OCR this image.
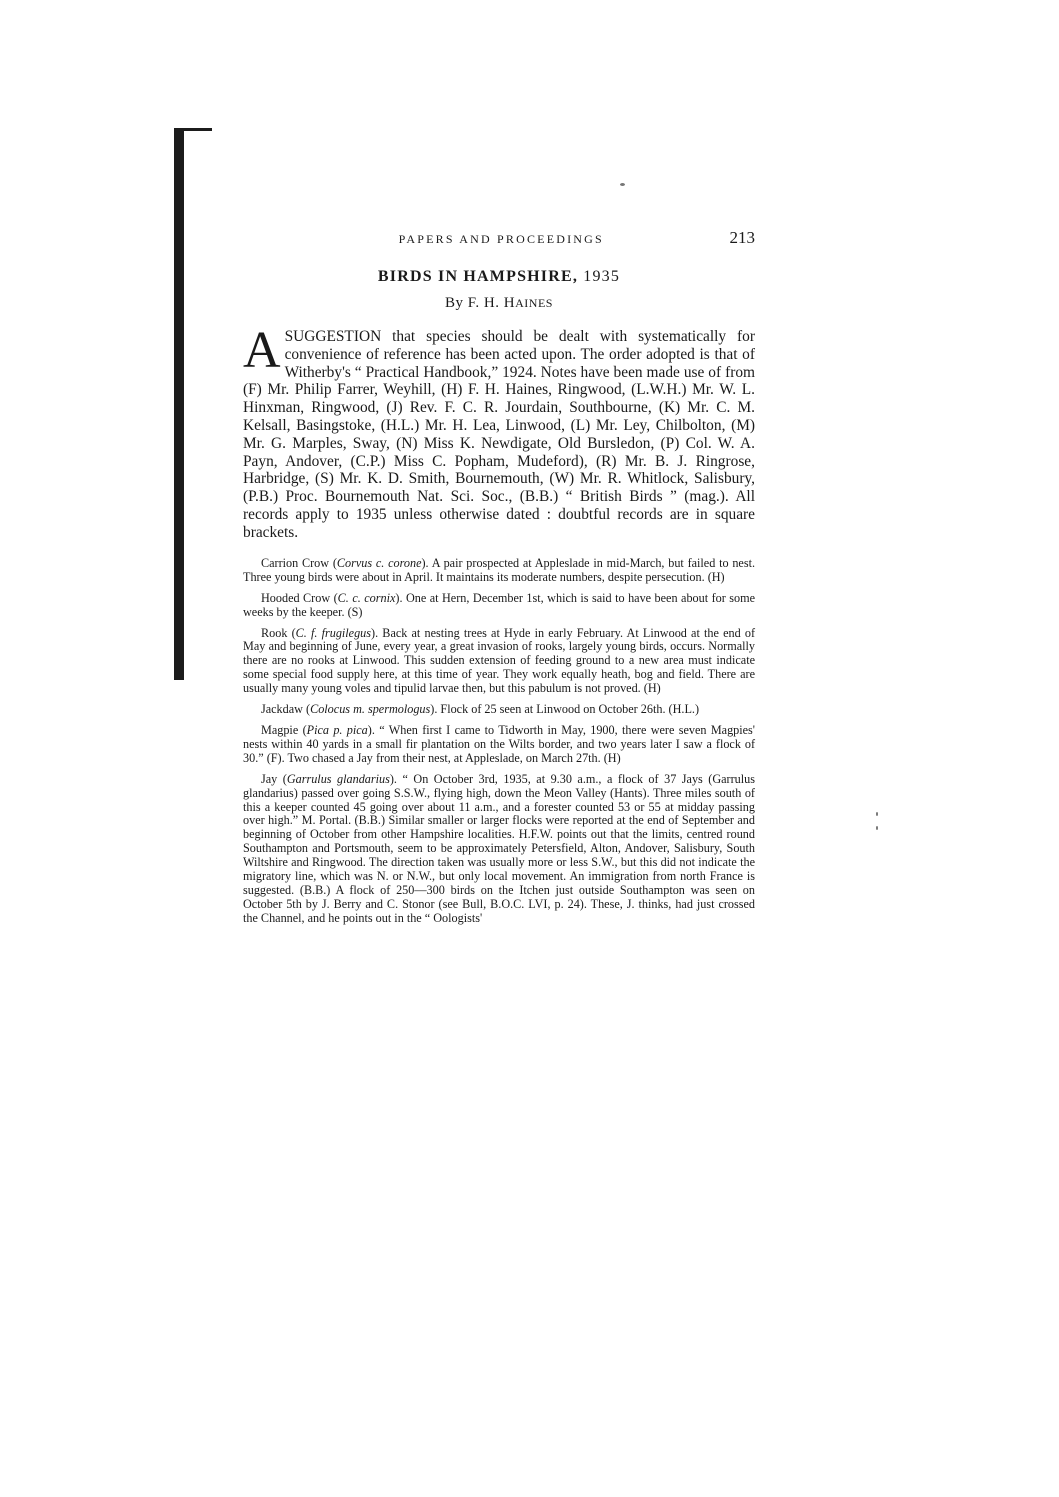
PAPERS AND PROCEEDINGS	213
BIRDS IN HAMPSHIRE, 1935
By F. H. HAINES

A SUGGESTION that species should be dealt with systematically for convenience of reference has been acted upon. The order adopted is that of Witherby's “ Practical Handbook,” 1924. Notes have been made use of from (F) Mr. Philip Farrer, Weyhill, (H) F. H. Haines, Ringwood, (L.W.H.) Mr. W. L. Hinxman, Ringwood, (J) Rev. F. C. R. Jourdain, Southbourne, (K) Mr. C. M. Kelsall, Basingstoke, (H.L.) Mr. H. Lea, Linwood, (L) Mr. Ley, Chilbolton, (M) Mr. G. Marples, Sway, (N) Miss K. Newdigate, Old Bursledon, (P) Col. W. A. Payn, Andover, (C.P.) Miss C. Popham, Mudeford), (R) Mr. B. J. Ringrose, Harbridge, (S) Mr. K. D. Smith, Bournemouth, (W) Mr. R. Whitlock, Salisbury, (P.B.) Proc. Bournemouth Nat. Sci. Soc., (B.B.) “ British Birds ” (mag.). All records apply to 1935 unless otherwise dated : doubtful records are in square brackets.

Carrion Crow (Corvus c. corone). A pair prospected at Appleslade in mid-March, but failed to nest. Three young birds were about in April. It maintains its moderate numbers, despite persecution. (H)

Hooded Crow (C. c. cornix). One at Hern, December 1st, which is said to have been about for some weeks by the keeper. (S)

Rook (C. f. frugilegus). Back at nesting trees at Hyde in early February. At Linwood at the end of May and beginning of June, every year, a great invasion of rooks, largely young birds, occurs. Normally there are no rooks at Linwood. This sudden extension of feeding ground to a new area must indicate some special food supply here, at this time of year. They work equally heath, bog and field. There are usually many young voles and tipulid larvae then, but this pabulum is not proved. (H)

Jackdaw (Colocus m. spermologus). Flock of 25 seen at Linwood on October 26th. (H.L.)

Magpie (Pica p. pica). “ When first I came to Tidworth in May, 1900, there were seven Magpies' nests within 40 yards in a small fir plantation on the Wilts border, and two years later I saw a flock of 30.” (F). Two chased a Jay from their nest, at Appleslade, on March 27th. (H)

Jay (Garrulus glandarius). “ On October 3rd, 1935, at 9.30 a.m., a flock of 37 Jays (Garrulus glandarius) passed over going S.S.W., flying high, down the Meon Valley (Hants). Three miles south of this a keeper counted 45 going over about 11 a.m., and a forester counted 53 or 55 at midday passing over high.” M. Portal. (B.B.) Similar smaller or larger flocks were reported at the end of September and beginning of October from other Hampshire localities. H.F.W. points out that the limits, centred round Southampton and Portsmouth, seem to be approximately Petersfield, Alton, Andover, Salisbury, South Wiltshire and Ringwood. The direction taken was usually more or less S.W., but this did not indicate the migratory line, which was N. or N.W., but only local movement. An immigration from north France is suggested. (B.B.) A flock of 250—300 birds on the Itchen just outside Southampton was seen on October 5th by J. Berry and C. Stonor (see Bull, B.O.C. LVI, p. 24). These, J. thinks, had just crossed the Channel, and he points out in the “ Oologists'
